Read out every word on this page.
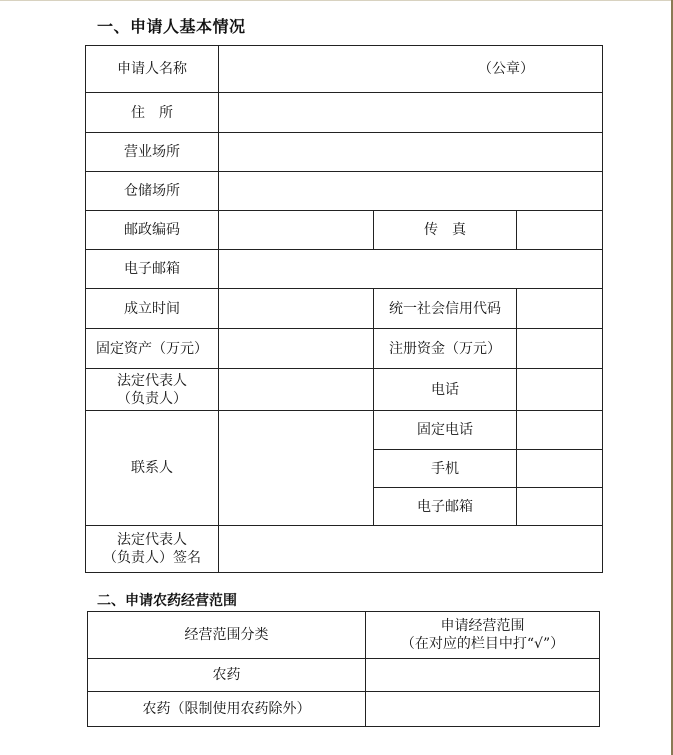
一、申请人基本情况
申请人名称	（公章）		

住　所			
营业场所			
仓储场所			
邮政编码		传　真	
电子邮箱			
成立时间		统一社会信用代码	
固定资产（万元）		注册资金（万元）	

法定代表人
（负责人）		电话	
联系人		固定电话	
		手机	
		电子邮箱	

法定代表人
（负责人）签名			

二、申请农药经营范围
经营范围分类	申请经营范围
（在对应的栏目中打“√”）

农药	
农药（限制使用农药除外）	
